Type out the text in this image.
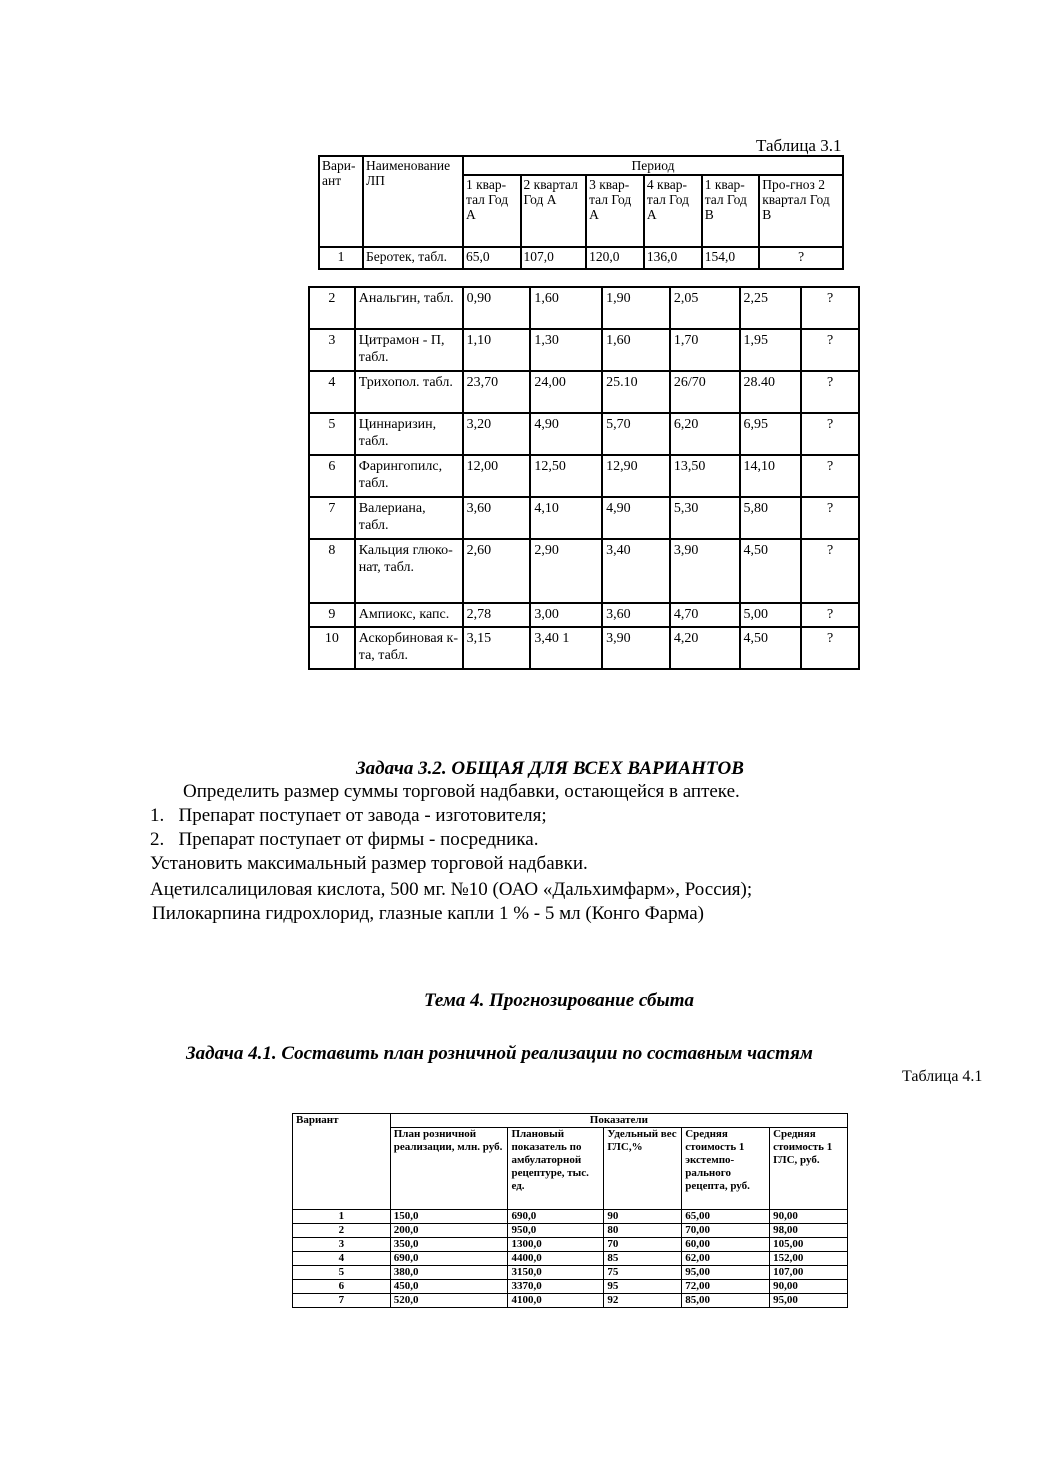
Таблица 3.1
Вари-ант	Наименование ЛП	Период					
		1 квар-тал Год А	2 квартал Год А	3 квар-тал Год А	4 квар-тал Год А	1 квар-тал Год В	Про-гноз 2 квартал Год В
1	Беротек, табл.	65,0	107,0	120,0	136,0	154,0	?
2	Анальгин, табл.	0,90	1,60	1,90	2,05	2,25	?
3	Цитрамон - П, табл.	1,10	1,30	1,60	1,70	1,95	?
4	Трихопол. табл.	23,70	24,00	25.10	26/70	28.40	?
5	Циннаризин, табл.	3,20	4,90	5,70	6,20	6,95	?
6	Фарингопилс, табл.	12,00	12,50	12,90	13,50	14,10	?
7	Валериана, табл.	3,60	4,10	4,90	5,30	5,80	?
8	Кальция глюко-нат, табл.	2,60	2,90	3,40	3,90	4,50	?
9	Ампиокс, капс.	2,78	3,00	3,60	4,70	5,00	?
10	Аскорбиновая к-та, табл.	3,15	3,40 1	3,90	4,20	4,50	?
Задача 3.2. ОБЩАЯ ДЛЯ ВСЕХ ВАРИАНТОВ
Определить размер суммы торговой надбавки, остающейся в аптеке.
1.   Препарат поступает от завода - изготовителя;
2.   Препарат поступает от фирмы - посредника.
Установить максимальный размер торговой надбавки.
Ацетилсалициловая кислота, 500 мг. №10 (ОАО «Дальхимфарм», Россия);
Пилокарпина гидрохлорид, глазные капли 1 % - 5 мл (Конго Фарма)
Тема 4. Прогнозирование сбыта
Задача 4.1. Составить план розничной реализации по составным частям
Таблица 4.1
Вариант	Показатели				
	План розничной реализации, млн. руб.	Плановый показатель по амбулаторной рецептуре, тыс. ед.	Удельный вес ГЛС,%	Средняя стоимость 1 экстемпо-рального рецепта, руб.	Средняя стоимость 1 ГЛС, руб.
1	150,0	690,0	90	65,00	90,00
2	200,0	950,0	80	70,00	98,00
3	350,0	1300,0	70	60,00	105,00
4	690,0	4400,0	85	62,00	152,00
5	380,0	3150,0	75	95,00	107,00
6	450,0	3370,0	95	72,00	90,00
7	520,0	4100,0	92	85,00	95,00
